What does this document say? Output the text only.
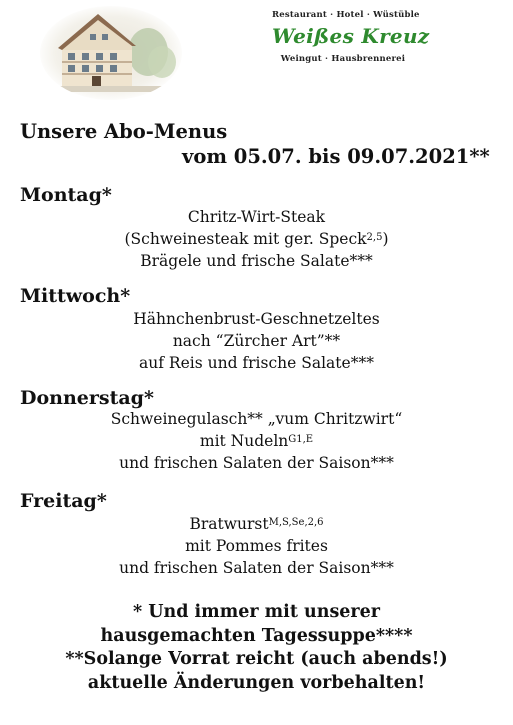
Restaurant · Hotel · Wüstüble
Weißes Kreuz
Weingut · Hausbrennerei
Unsere Abo-Menus
vom 05.07. bis 09.07.2021**
Montag*
Chritz-Wirt-Steak
(Schweinesteak mit ger. Speck$^{2,5}$)
Brägele und frische Salate***
Mittwoch*
Hähnchenbrust-Geschnetzeltes
nach “Zürcher Art”**
auf Reis und frische Salate***
Donnerstag*
Schweinegulasch** „vum Chritzwirt“
mit Nudeln$^{G1,E}$
und frischen Salaten der Saison***
Freitag*
Bratwurst$^{M,S,Se,2,6}$
mit Pommes frites
und frischen Salaten der Saison***
* Und immer mit unserer
hausgemachten Tagessuppe****
**Solange Vorrat reicht (auch abends!)
aktuelle Änderungen vorbehalten!
